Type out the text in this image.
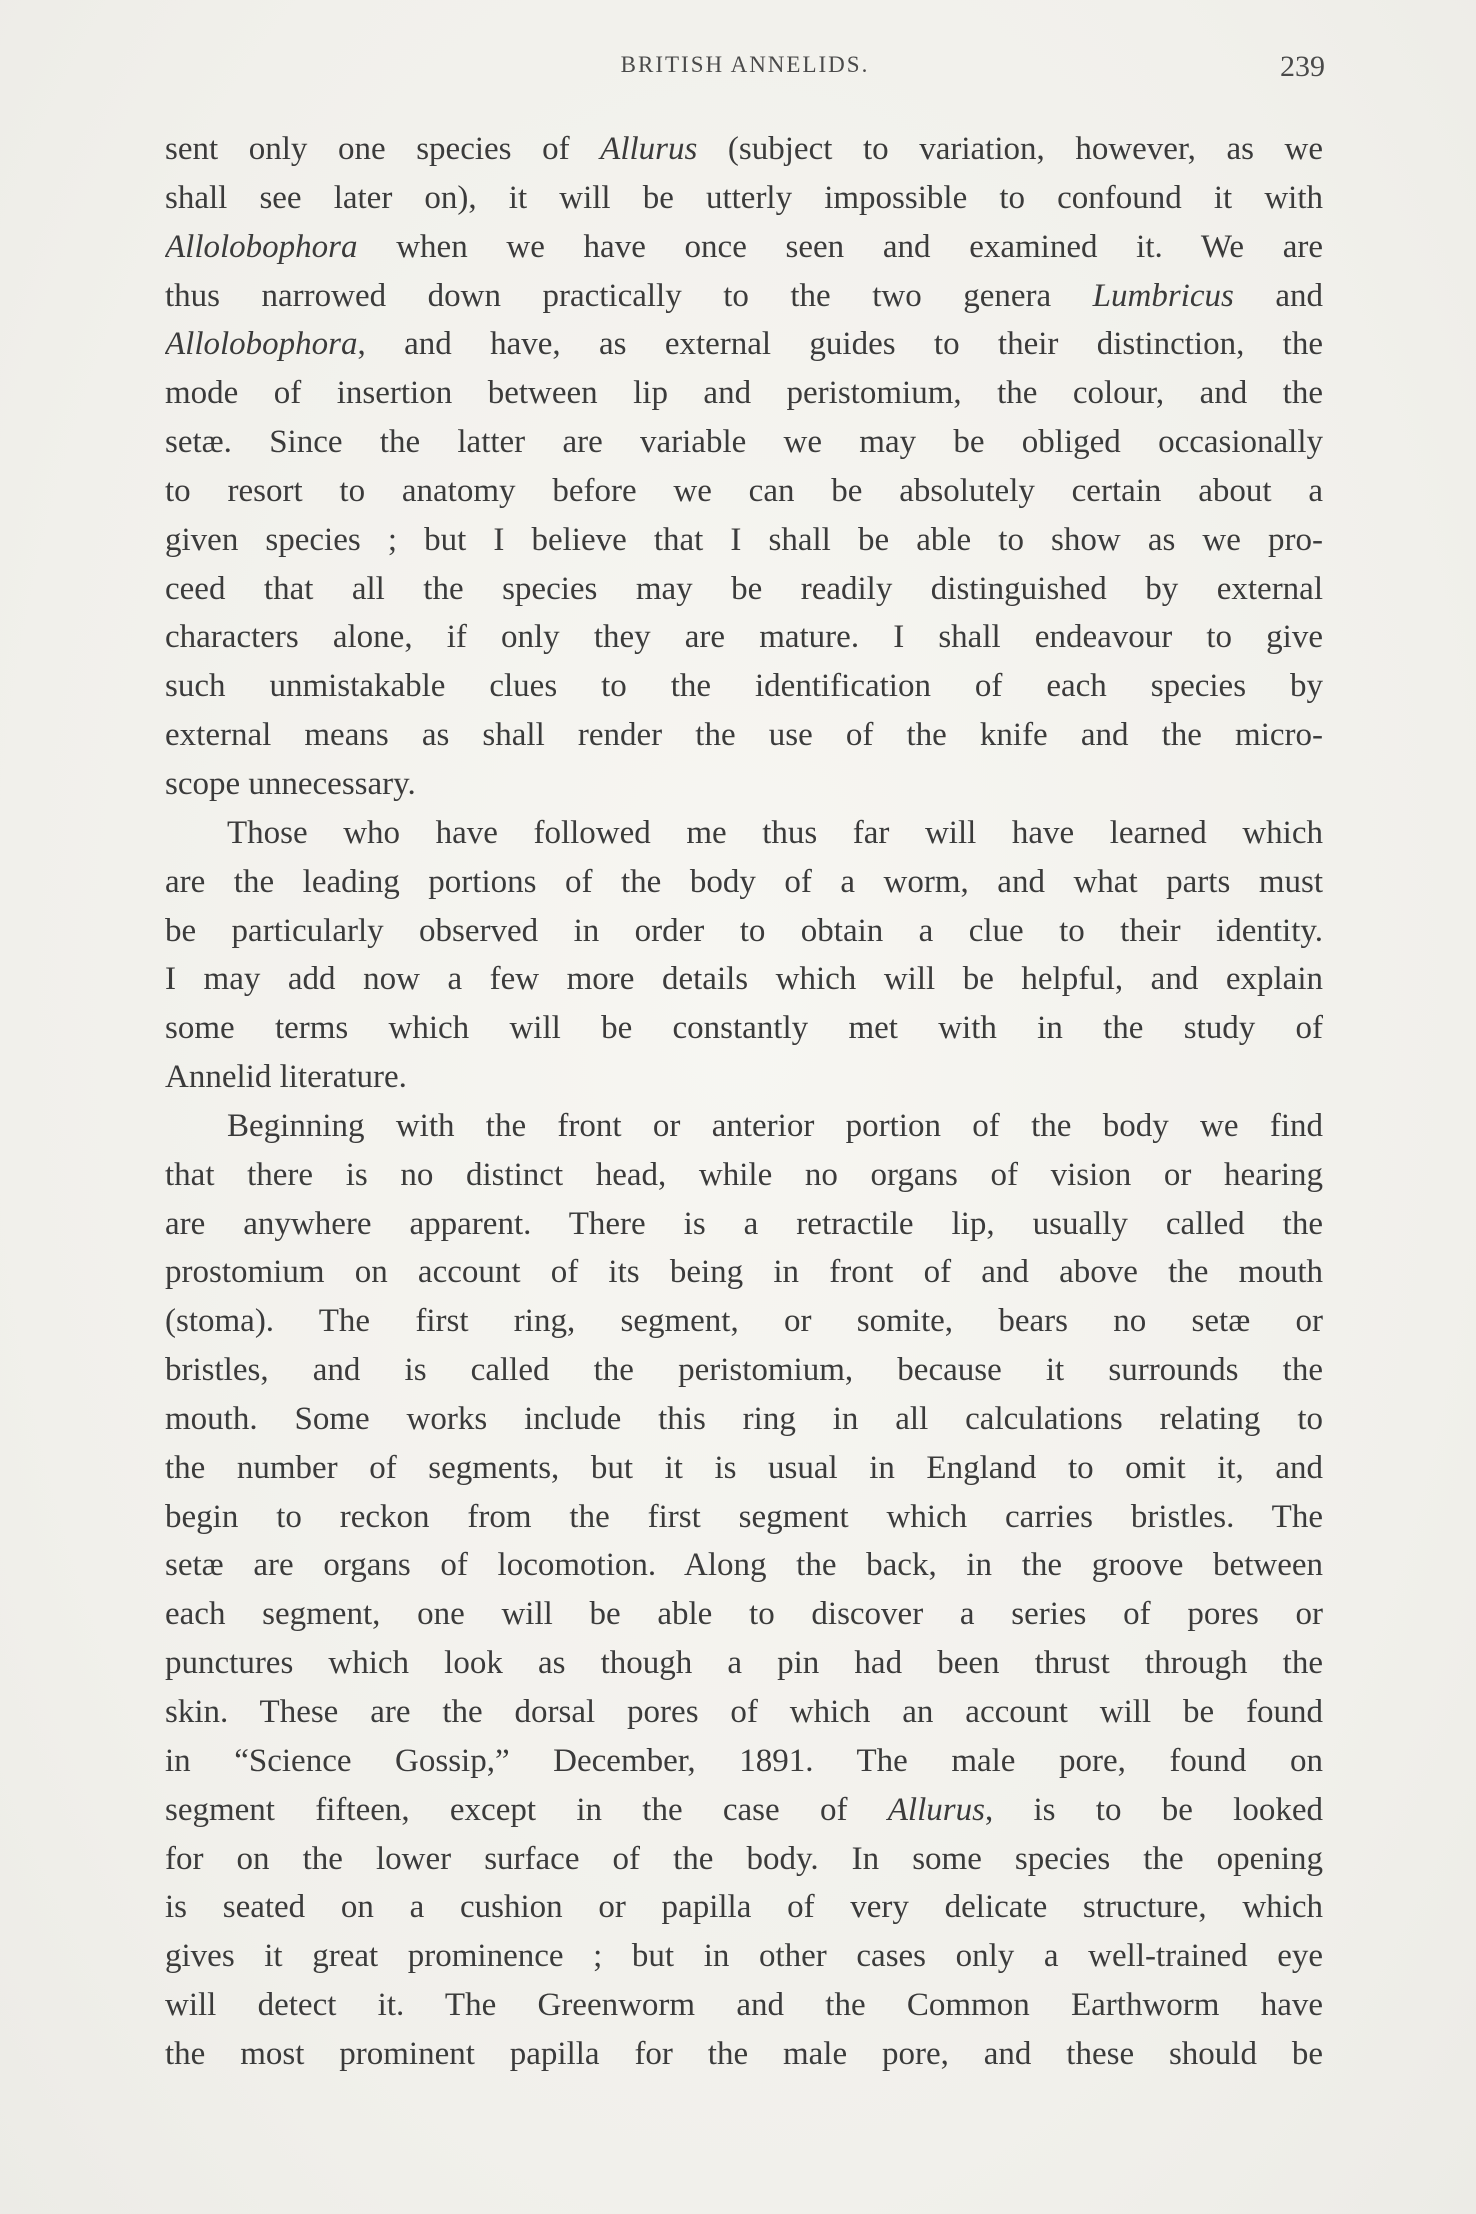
BRITISH ANNELIDS.	239
sent only one species of Allurus (subject to variation, however, as we
shall see later on), it will be utterly impossible to confound it with
Allolobophora when we have once seen and examined it. We are
thus narrowed down practically to the two genera Lumbricus and
Allolobophora, and have, as external guides to their distinction, the
mode of insertion between lip and peristomium, the colour, and the
setæ. Since the latter are variable we may be obliged occasionally
to resort to anatomy before we can be absolutely certain about a
given species ; but I believe that I shall be able to show as we pro-
ceed that all the species may be readily distinguished by external
characters alone, if only they are mature. I shall endeavour to give
such unmistakable clues to the identification of each species by
external means as shall render the use of the knife and the micro-
scope unnecessary.
Those who have followed me thus far will have learned which
are the leading portions of the body of a worm, and what parts must
be particularly observed in order to obtain a clue to their identity.
I may add now a few more details which will be helpful, and explain
some terms which will be constantly met with in the study of
Annelid literature.
Beginning with the front or anterior portion of the body we find
that there is no distinct head, while no organs of vision or hearing
are anywhere apparent. There is a retractile lip, usually called the
prostomium on account of its being in front of and above the mouth
(stoma). The first ring, segment, or somite, bears no setæ or
bristles, and is called the peristomium, because it surrounds the
mouth. Some works include this ring in all calculations relating to
the number of segments, but it is usual in England to omit it, and
begin to reckon from the first segment which carries bristles. The
setæ are organs of locomotion. Along the back, in the groove between
each segment, one will be able to discover a series of pores or
punctures which look as though a pin had been thrust through the
skin. These are the dorsal pores of which an account will be found
in “Science Gossip,” December, 1891. The male pore, found on
segment fifteen, except in the case of Allurus, is to be looked
for on the lower surface of the body. In some species the opening
is seated on a cushion or papilla of very delicate structure, which
gives it great prominence ; but in other cases only a well-trained eye
will detect it. The Greenworm and the Common Earthworm have
the most prominent papilla for the male pore, and these should be
